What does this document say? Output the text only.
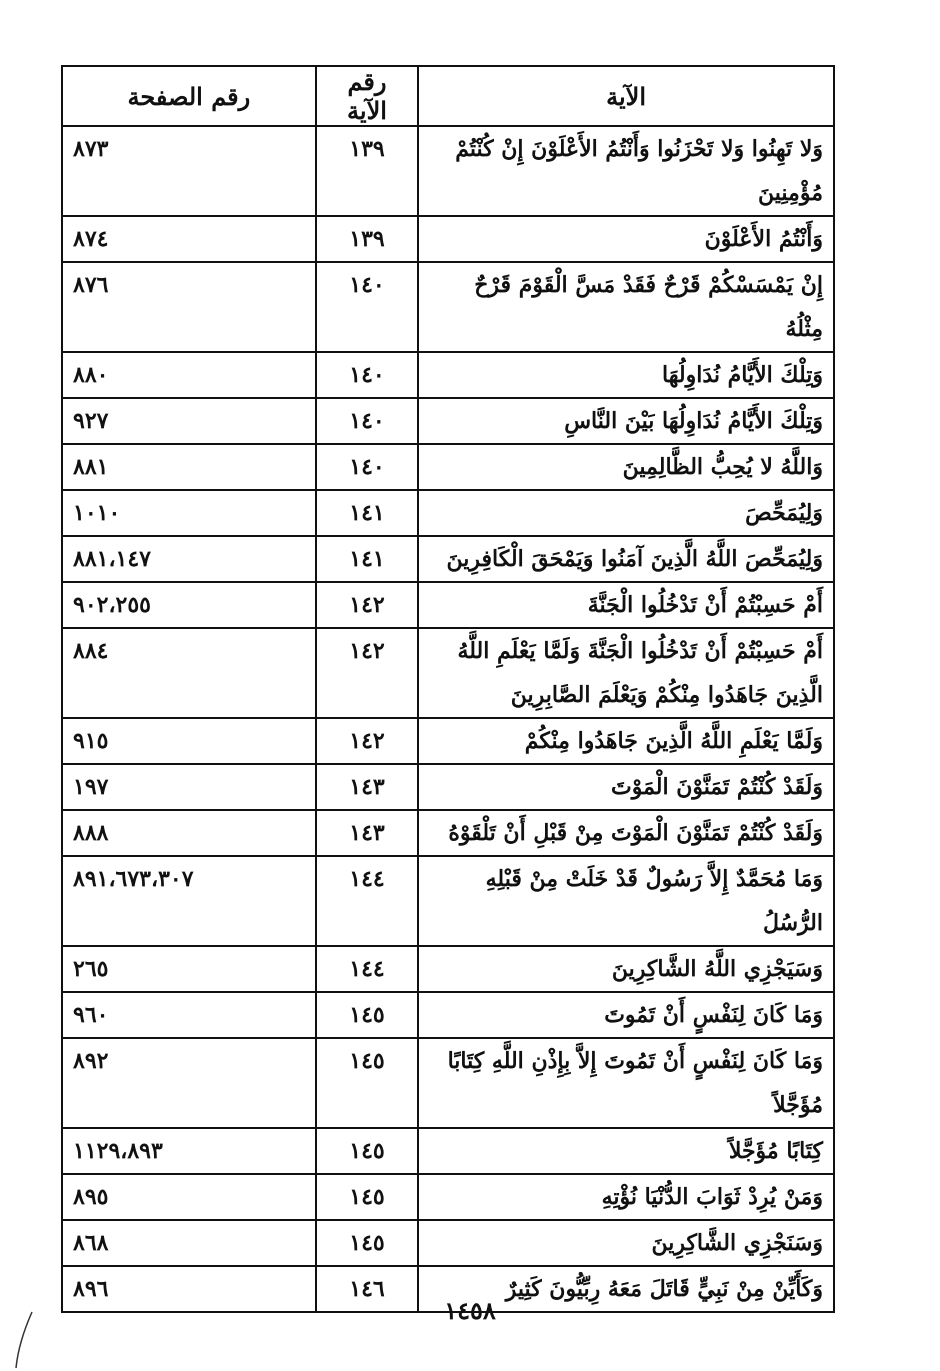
الآية	رقم الآية	رقم الصفحة
وَلا تَهِنُوا وَلا تَحْزَنُوا وَأَنْتُمُ الأَعْلَوْنَ إِنْ كُنْتُمْ مُؤْمِنِينَ	١٣٩	٨٧٣
وَأَنْتُمُ الأَعْلَوْنَ	١٣٩	٨٧٤
إِنْ يَمْسَسْكُمْ قَرْحٌ فَقَدْ مَسَّ الْقَوْمَ قَرْحٌ مِثْلُهُ	١٤٠	٨٧٦
وَتِلْكَ الأَيَّامُ نُدَاوِلُهَا	١٤٠	٨٨٠
وَتِلْكَ الأَيَّامُ نُدَاوِلُهَا بَيْنَ النَّاسِ	١٤٠	٩٢٧
وَاللَّهُ لا يُحِبُّ الظَّالِمِينَ	١٤٠	٨٨١
وَلِيُمَحِّصَ	١٤١	١٠١٠
وَلِيُمَحِّصَ اللَّهُ الَّذِينَ آمَنُوا وَيَمْحَقَ الْكَافِرِينَ	١٤١	٨٨١،١٤٧
أَمْ حَسِبْتُمْ أَنْ تَدْخُلُوا الْجَنَّةَ	١٤٢	٩٠٢،٢٥٥
أَمْ حَسِبْتُمْ أَنْ تَدْخُلُوا الْجَنَّةَ وَلَمَّا يَعْلَمِ اللَّهُ الَّذِينَ جَاهَدُوا مِنْكُمْ وَيَعْلَمَ الصَّابِرِينَ	١٤٢	٨٨٤
وَلَمَّا يَعْلَمِ اللَّهُ الَّذِينَ جَاهَدُوا مِنْكُمْ	١٤٢	٩١٥
وَلَقَدْ كُنْتُمْ تَمَنَّوْنَ الْمَوْتَ	١٤٣	١٩٧
وَلَقَدْ كُنْتُمْ تَمَنَّوْنَ الْمَوْتَ مِنْ قَبْلِ أَنْ تَلْقَوْهُ	١٤٣	٨٨٨
وَمَا مُحَمَّدٌ إِلاَّ رَسُولٌ قَدْ خَلَتْ مِنْ قَبْلِهِ الرُّسُلُ	١٤٤	٨٩١،٦٧٣،٣٠٧
وَسَيَجْزِي اللَّهُ الشَّاكِرِينَ	١٤٤	٢٦٥
وَمَا كَانَ لِنَفْسٍ أَنْ تَمُوتَ	١٤٥	٩٦٠
وَمَا كَانَ لِنَفْسٍ أَنْ تَمُوتَ إِلاَّ بِإِذْنِ اللَّهِ كِتَابًا مُؤَجَّلاً	١٤٥	٨٩٢
كِتَابًا مُؤَجَّلاً	١٤٥	١١٢٩،٨٩٣
وَمَنْ يُرِدْ ثَوَابَ الدُّنْيَا نُؤْتِهِ	١٤٥	٨٩٥
وَسَنَجْزِي الشَّاكِرِينَ	١٤٥	٨٦٨
وَكَأَيِّنْ مِنْ نَبِيٍّ قَاتَلَ مَعَهُ رِبِّيُّونَ كَثِيرٌ	١٤٦	٨٩٦
١٤٥٨
